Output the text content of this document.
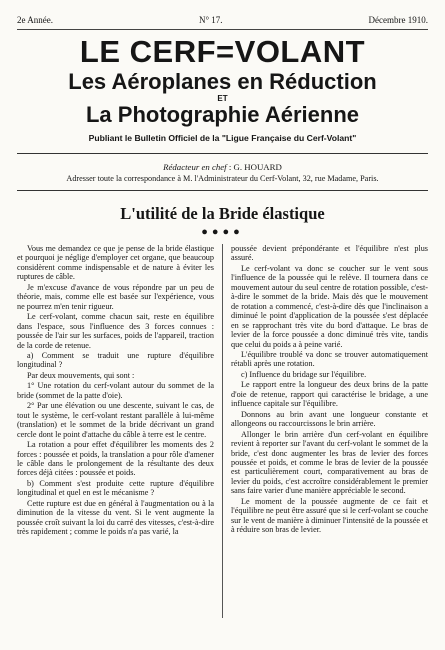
2e Année.	N° 17.	Décembre 1910.
LE CERF=VOLANT
Les Aéroplanes en Réduction
ET
La Photographie Aérienne
Publiant le Bulletin Officiel de la "Ligue Française du Cerf-Volant"
Rédacteur en chef : G. HOUARD
Adresser toute la correspondance à M. l'Administrateur du Cerf-Volant, 32, rue Madame, Paris.
L'utilité de la Bride élastique
●●●●

Vous me demandez ce que je pense de la bride élastique et pourquoi je néglige d'employer cet organe, que beaucoup considèrent comme indispensable et de nature à éviter les ruptures de câble.

Je m'excuse d'avance de vous répondre par un peu de théorie, mais, comme elle est basée sur l'expérience, vous ne pourrez m'en tenir rigueur.

Le cerf-volant, comme chacun sait, reste en équilibre dans l'espace, sous l'influence des 3 forces connues : poussée de l'air sur les surfaces, poids de l'appareil, traction de la corde de retenue.

a) Comment se traduit une rupture d'équilibre longitudinal ?

Par deux mouvements, qui sont :

1° Une rotation du cerf-volant autour du sommet de la bride (sommet de la patte d'oie).

2° Par une élévation ou une descente, suivant le cas, de tout le système, le cerf-volant restant parallèle à lui-même (translation) et le sommet de la bride décrivant un grand cercle dont le point d'attache du câble à terre est le centre.

La rotation a pour effet d'équilibrer les moments des 2 forces : poussée et poids, la translation a pour rôle d'amener le câble dans le prolongement de la résultante des deux forces déjà citées : poussée et poids.

b) Comment s'est produite cette rupture d'équilibre longitudinal et quel en est le mécanisme ?

Cette rupture est due en général à l'augmentation ou à la diminution de la vitesse du vent. Si le vent augmente la poussée croît suivant la loi du carré des vitesses, c'est-à-dire très rapidement ; comme le poids n'a pas varié, la

poussée devient prépondérante et l'équilibre n'est plus assuré.

Le cerf-volant va donc se coucher sur le vent sous l'influence de la poussée qui le relève. Il tournera dans ce mouvement autour du seul centre de rotation possible, c'est-à-dire le sommet de la bride. Mais dès que le mouvement de rotation a commencé, c'est-à-dire dès que l'inclinaison a diminué le point d'application de la poussée s'est déplacée en se rapprochant très vite du bord d'attaque. Le bras de levier de la force poussée a donc diminué très vite, tandis que celui du poids a à peine varié.

L'équilibre troublé va donc se trouver automatiquement rétabli après une rotation.

c) Influence du bridage sur l'équilibre.

Le rapport entre la longueur des deux brins de la patte d'oie de retenue, rapport qui caractérise le bridage, a une influence capitale sur l'équilibre.

Donnons au brin avant une longueur constante et allongeons ou raccourcissons le brin arrière.

Allonger le brin arrière d'un cerf-volant en équilibre revient à reporter sur l'avant du cerf-volant le sommet de la bride, c'est donc augmenter les bras de levier des forces poussée et poids, et comme le bras de levier de la poussée est particulièrement court, comparativement au bras de levier du poids, c'est accroître considérablement le premier sans faire varier d'une manière appréciable le second.

Le moment de la poussée augmente de ce fait et l'équilibre ne peut être assuré que si le cerf-volant se couche sur le vent de manière à diminuer l'intensité de la poussée et à réduire son bras de levier.
